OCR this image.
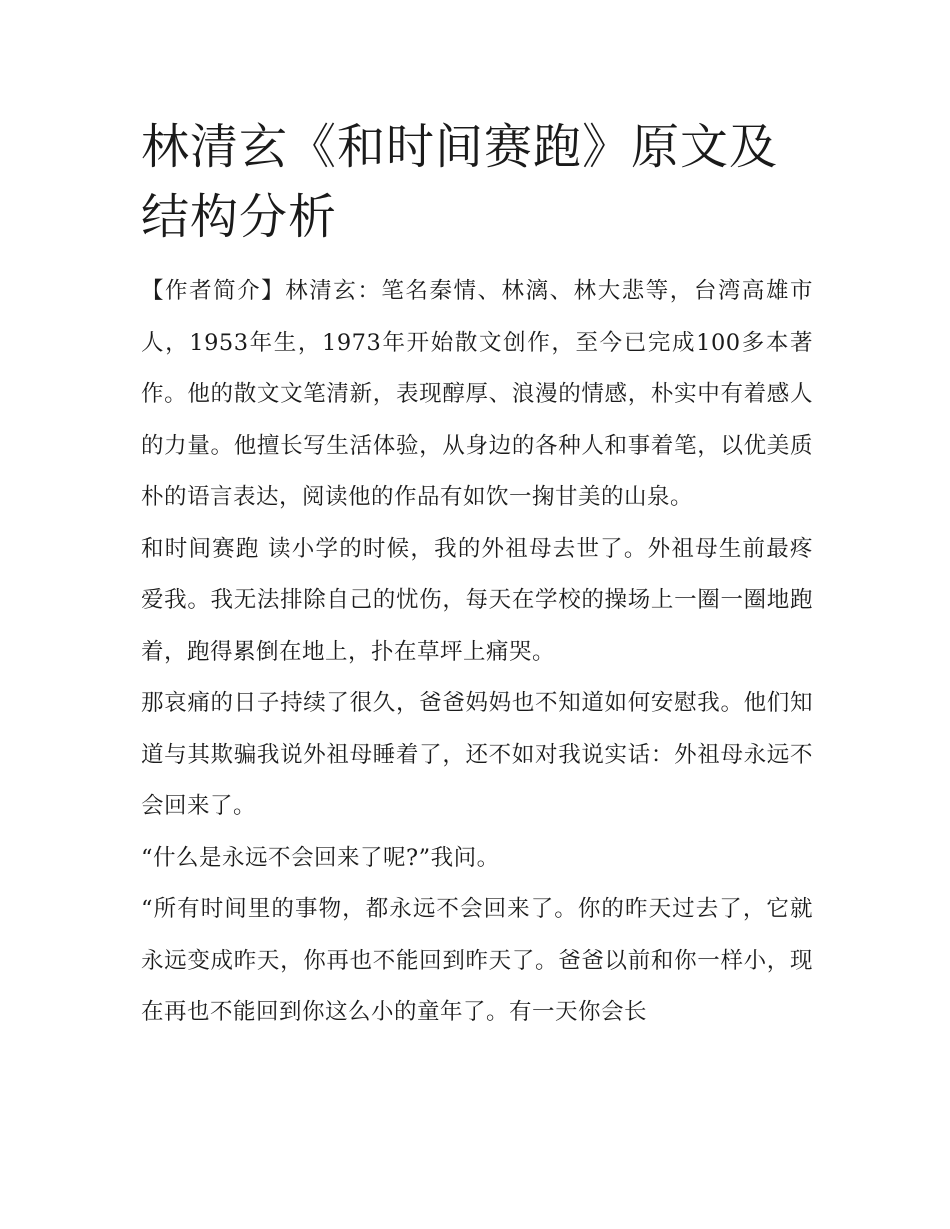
林清玄《和时间赛跑》原文及结构分析

【作者简介】林清玄：笔名秦情、林漓、林大悲等，台湾高雄市人，1953年生，1973年开始散文创作，至今已完成100多本著作。他的散文文笔清新，表现醇厚、浪漫的情感，朴实中有着感人的力量。他擅长写生活体验，从身边的各种人和事着笔，以优美质朴的语言表达，阅读他的作品有如饮一掬甘美的山泉。

和时间赛跑 读小学的时候，我的外祖母去世了。外祖母生前最疼爱我。我无法排除自己的忧伤，每天在学校的操场上一圈一圈地跑着，跑得累倒在地上，扑在草坪上痛哭。

那哀痛的日子持续了很久，爸爸妈妈也不知道如何安慰我。他们知道与其欺骗我说外祖母睡着了，还不如对我说实话：外祖母永远不会回来了。

“什么是永远不会回来了呢?”我问。

“所有时间里的事物，都永远不会回来了。你的昨天过去了，它就永远变成昨天，你再也不能回到昨天了。爸爸以前和你一样小，现在再也不能回到你这么小的童年了。有一天你会长
